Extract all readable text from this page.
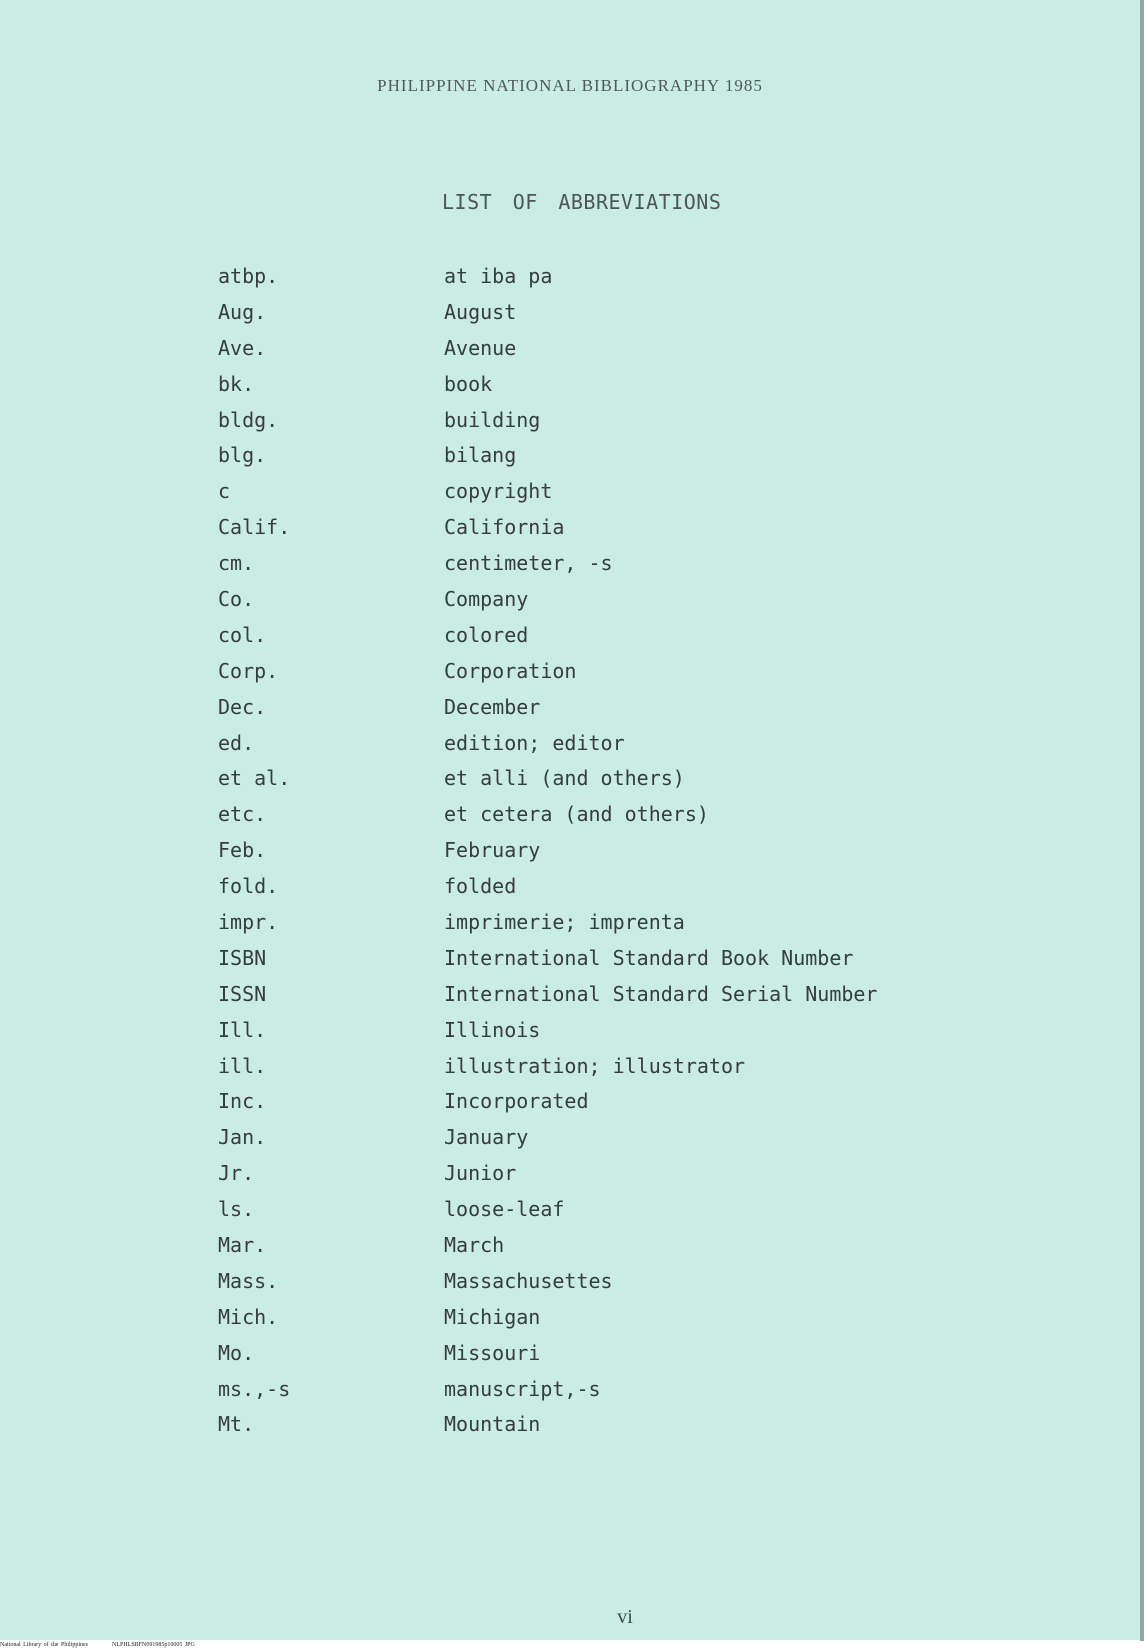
PHILIPPINE NATIONAL BIBLIOGRAPHY 1985
LIST OF ABBREVIATIONS
atbp.	at iba pa
Aug.	August
Ave.	Avenue
bk.	book
bldg.	building
blg.	bilang
c	copyright
Calif.	California
cm.	centimeter, -s
Co.	Company
col.	colored
Corp.	Corporation
Dec.	December
ed.	edition; editor
et al.	et alli (and others)
etc.	et cetera (and others)
Feb.	February
fold.	folded
impr.	imprimerie; imprenta
ISBN	International Standard Book Number
ISSN	International Standard Serial Number
Ill.	Illinois
ill.	illustration; illustrator
Inc.	Incorporated
Jan.	January
Jr.	Junior
ls.	loose-leaf
Mar.	March
Mass.	Massachusettes
Mich.	Michigan
Mo.	Missouri
ms.,-s	manuscript,-s
Mt.	Mountain
vi
National Library of the Philippines	NLPHLSBFN091985p10005 JPG
